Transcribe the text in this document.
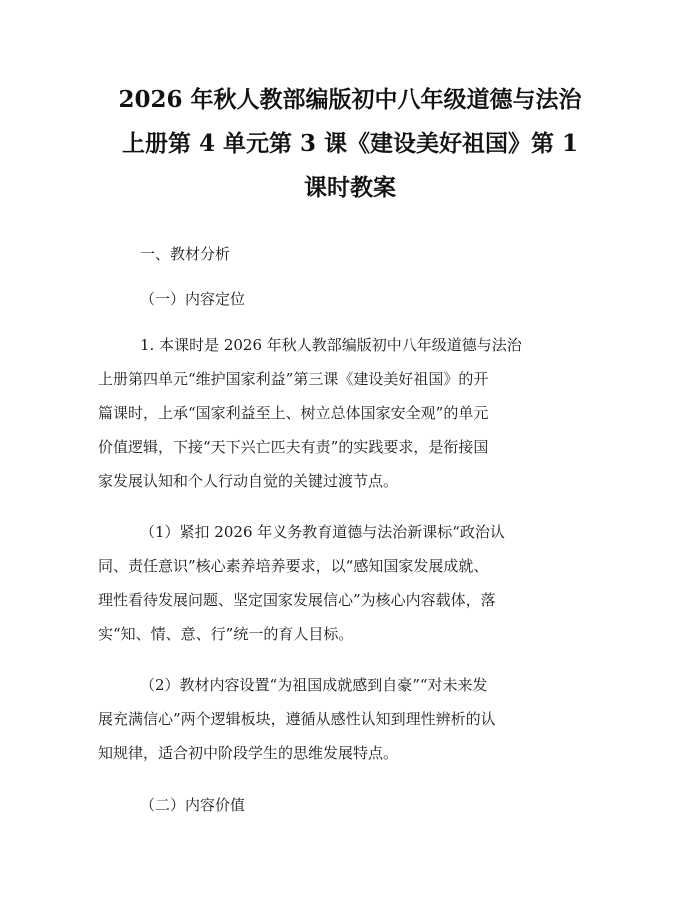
2026 年秋人教部编版初中八年级道德与法治
上册第 4 单元第 3 课《建设美好祖国》第 1
课时教案

一、教材分析

（一）内容定位

1. 本课时是 2026 年秋人教部编版初中八年级道德与法治
上册第四单元“维护国家利益”第三课《建设美好祖国》的开
篇课时，上承“国家利益至上、树立总体国家安全观”的单元
价值逻辑，下接“天下兴亡匹夫有责”的实践要求，是衔接国
家发展认知和个人行动自觉的关键过渡节点。
（1）紧扣 2026 年义务教育道德与法治新课标“政治认
同、责任意识”核心素养培养要求，以“感知国家发展成就、
理性看待发展问题、坚定国家发展信心”为核心内容载体，落
实“知、情、意、行”统一的育人目标。
（2）教材内容设置“为祖国成就感到自豪”“对未来发
展充满信心”两个逻辑板块，遵循从感性认知到理性辨析的认
知规律，适合初中阶段学生的思维发展特点。

（二）内容价值
